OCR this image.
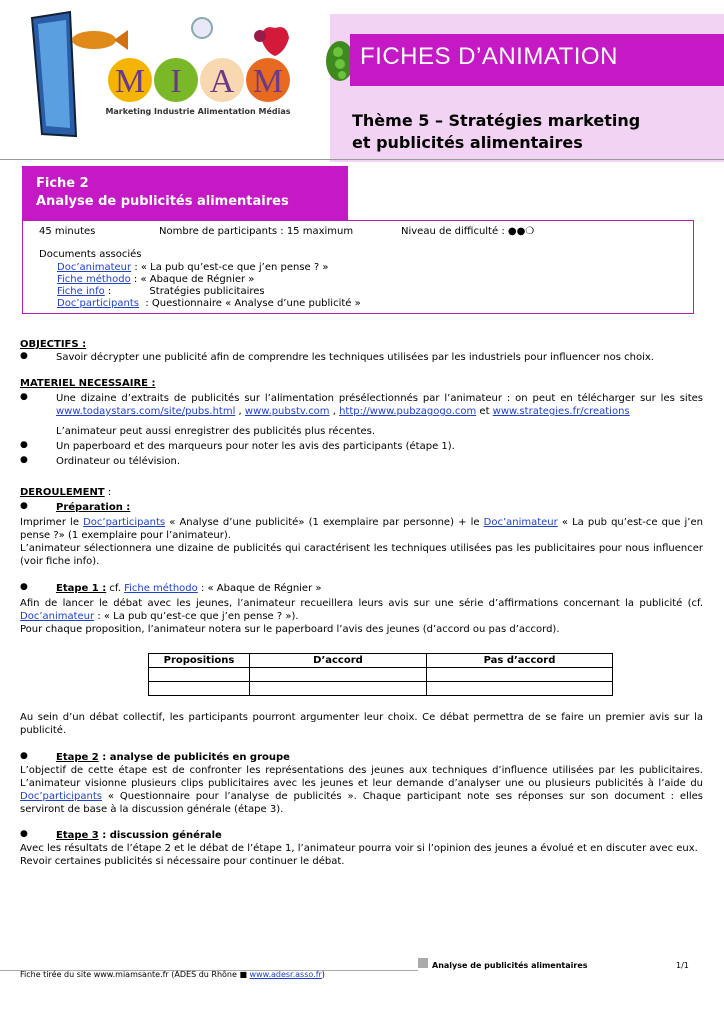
M I A M
Marketing Industrie Alimentation Médias
FICHES D’ANIMATION
Thème 5 – Stratégies marketing
et publicités alimentaires
Fiche 2
Analyse de publicités alimentaires
45 minutes	Nombre de participants : 15 maximum	Niveau de difficulté : ●●❍
Documents associés
Doc’animateur : « La pub qu’est-ce que j’en pense ? »
Fiche méthodo : « Abaque de Régnier »
Fiche info :            Stratégies publicitaires
Doc’participants  : Questionnaire « Analyse d’une publicité »
OBJECTIFS :
●	Savoir décrypter une publicité afin de comprendre les techniques utilisées par les industriels pour influencer nos choix.
MATERIEL NECESSAIRE :
●	Une dizaine d’extraits de publicités sur l’alimentation présélectionnés par l’animateur : on peut en télécharger sur les sites www.todaystars.com/site/pubs.html , www.pubstv.com , http://www.pubzagogo.com et www.strategies.fr/creations
L’animateur peut aussi enregistrer des publicités plus récentes.
●	Un paperboard et des marqueurs pour noter les avis des participants (étape 1).
●	Ordinateur ou télévision.
DEROULEMENT :
●	Préparation :
Imprimer le Doc’participants « Analyse d’une publicité» (1 exemplaire par personne) + le Doc’animateur « La pub qu’est-ce que j’en pense ?» (1 exemplaire pour l’animateur).
L’animateur sélectionnera une dizaine de publicités qui caractérisent les techniques utilisées pas les publicitaires pour nous influencer (voir fiche info).
●	Etape 1 : cf. Fiche méthodo : « Abaque de Régnier »
Afin de lancer le débat avec les jeunes, l’animateur recueillera leurs avis sur une série d’affirmations concernant la publicité (cf. Doc’animateur : « La pub qu’est-ce que j’en pense ? »).
Pour chaque proposition, l’animateur notera sur le paperboard l’avis des jeunes (d’accord ou pas d’accord).
Propositions	D’accord	Pas d’accord

Au sein d’un débat collectif, les participants pourront argumenter leur choix. Ce débat permettra de se faire un premier avis sur la publicité.
●	Etape 2 : analyse de publicités en groupe
L’objectif de cette étape est de confronter les représentations des jeunes aux techniques d’influence utilisées par les publicitaires. L’animateur visionne plusieurs clips publicitaires avec les jeunes et leur demande d’analyser une ou plusieurs publicités à l’aide du Doc’participants « Questionnaire pour l’analyse de publicités ». Chaque participant note ses réponses sur son document : elles serviront de base à la discussion générale (étape 3).
●	Etape 3 : discussion générale
Avec les résultats de l’étape 2 et le débat de l’étape 1, l’animateur pourra voir si l’opinion des jeunes a évolué et en discuter avec eux. Revoir certaines publicités si nécessaire pour continuer le débat.
Fiche tirée du site www.miamsante.fr (ADES du Rhône ■ www.adesr.asso.fr)
Analyse de publicités alimentaires	1/1
